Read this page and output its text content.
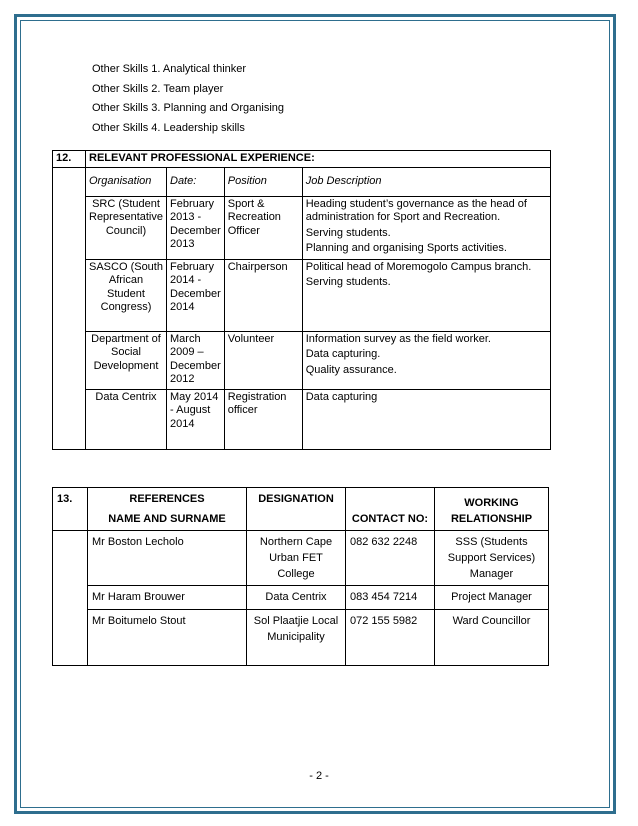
Other Skills 1. Analytical thinker
Other Skills 2. Team player
Other Skills 3. Planning and Organising
Other Skills 4. Leadership skills
12.	RELEVANT PROFESSIONAL EXPERIENCE:			
	Organisation	Date:	Position	Job Description
	SRC (Student Representative Council)	February 2013 - December 2013	Sport & Recreation Officer	Heading student’s governance as the head of administration for Sport and Recreation.
Serving students.
Planning and organising Sports activities.

	SASCO (South African Student Congress)	February 2014 - December 2014	Chairperson	Political head of Moremogolo Campus branch.
Serving students.

	Department of Social Development	March 2009 – December 2012	Volunteer	Information survey as the field worker.
Data capturing.
Quality assurance.

	Data Centrix	May 2014 - August 2014	Registration officer	Data capturing
13.	REFERENCES
NAME AND SURNAME	DESIGNATION	CONTACT NO:	WORKING RELATIONSHIP
	Mr Boston Lecholo	Northern Cape Urban FET College	082 632 2248	SSS (Students Support Services) Manager
	Mr Haram Brouwer	Data Centrix	083 454 7214	Project Manager
	Mr Boitumelo Stout	Sol Plaatjie Local Municipality	072 155 5982	Ward Councillor
- 2 -
